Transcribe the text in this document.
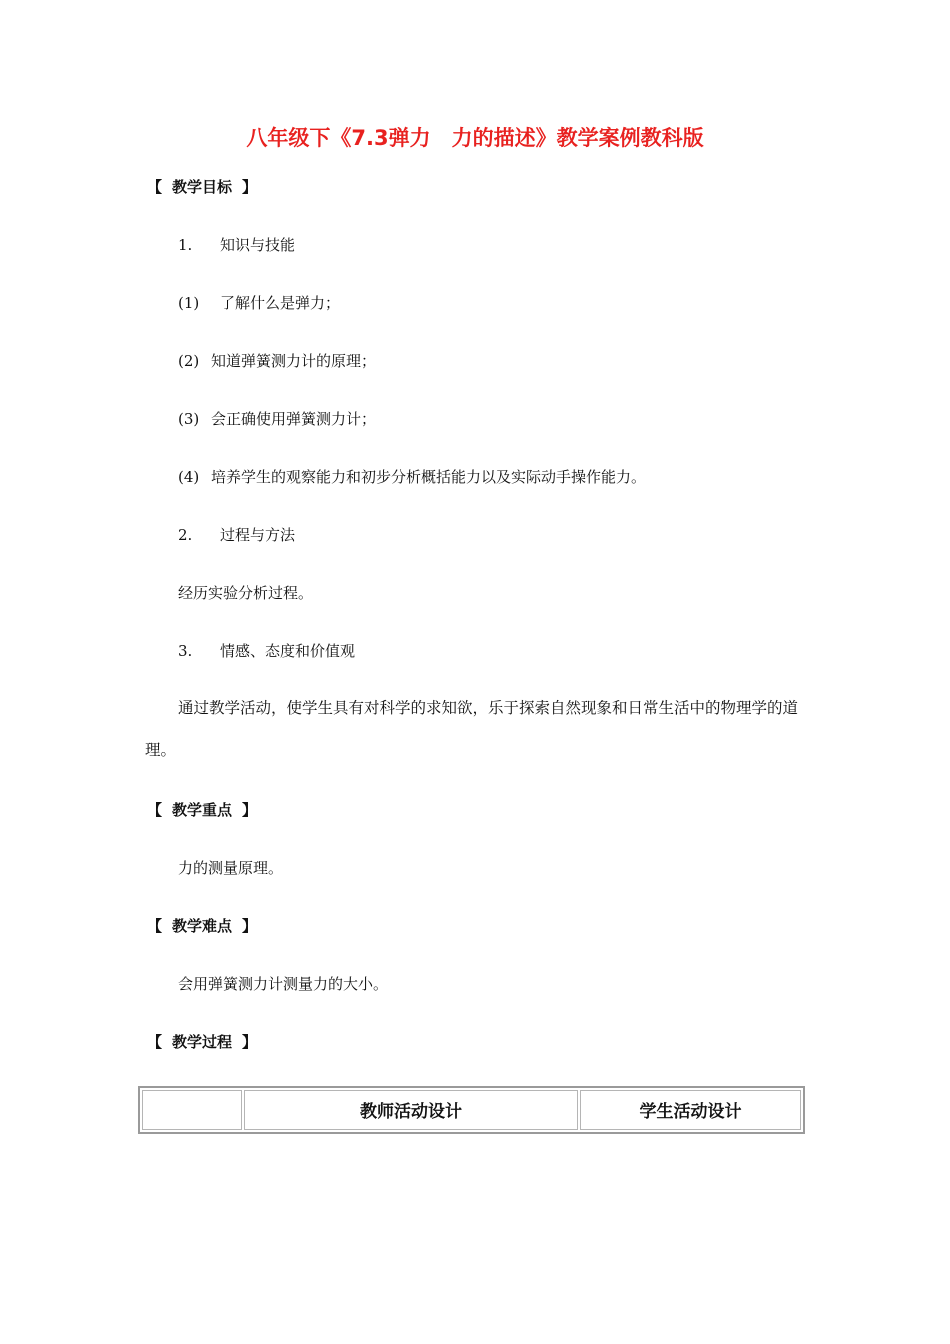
八年级下《7.3弹力　力的描述》教学案例教科版
【 教学目标 】
1. 知识与技能
(1) 了解什么是弹力；
(2) 知道弹簧测力计的原理；
(3) 会正确使用弹簧测力计；
(4) 培养学生的观察能力和初步分析概括能力以及实际动手操作能力。
2. 过程与方法
经历实验分析过程。
3. 情感、态度和价值观
通过教学活动，使学生具有对科学的求知欲，乐于探索自然现象和日常生活中的物理学的道理。
【 教学重点 】
力的测量原理。
【 教学难点 】
会用弹簧测力计测量力的大小。
【 教学过程 】
	教师活动设计	学生活动设计
